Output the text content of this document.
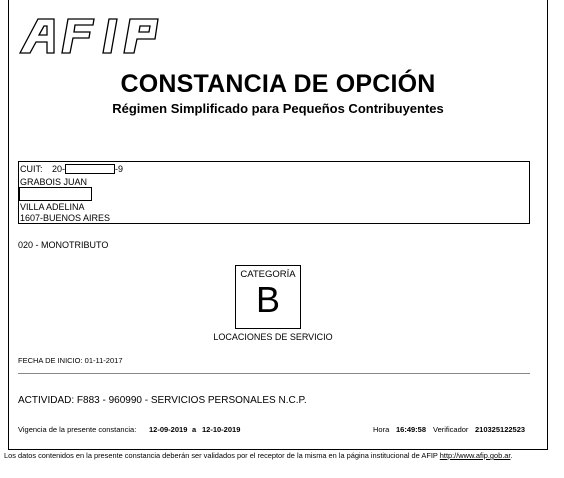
CONSTANCIA DE OPCIÓN
Régimen Simplificado para Pequeños Contribuyentes
CUIT: 20-	-9
GRABOIS JUAN
VILLA ADELINA
1607-BUENOS AIRES
020 - MONOTRIBUTO
CATEGORÍA
B
LOCACIONES DE SERVICIO
FECHA DE INICIO: 01-11-2017
ACTIVIDAD: F883 - 960990 - SERVICIOS PERSONALES N.C.P.
Vigencia de la presente constancia: 12-09-2019 a 12-10-2019	Hora 16:49:58 Verificador 210325122523
Los datos contenidos en la presente constancia deberán ser validados por el receptor de la misma en la página institucional de AFIP http://www.afip.gob.ar.
